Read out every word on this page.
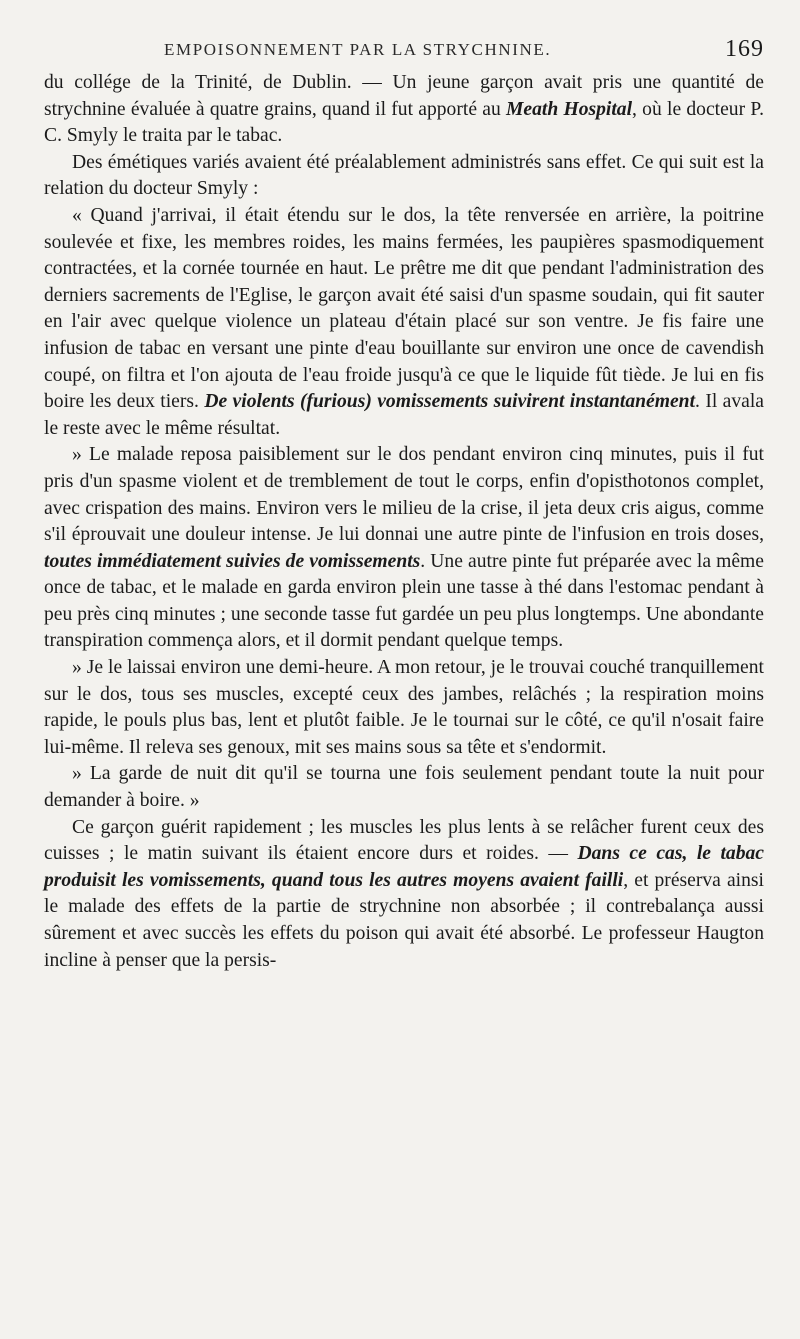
EMPOISONNEMENT PAR LA STRYCHNINE.	169

du collége de la Trinité, de Dublin. — Un jeune garçon avait pris une quantité de strychnine évaluée à quatre grains, quand il fut apporté au Meath Hospital, où le docteur P. C. Smyly le traita par le tabac.

Des émétiques variés avaient été préalablement administrés sans effet. Ce qui suit est la relation du docteur Smyly :

« Quand j'arrivai, il était étendu sur le dos, la tête renversée en arrière, la poitrine soulevée et fixe, les membres roides, les mains fermées, les paupières spasmodiquement contractées, et la cornée tournée en haut. Le prêtre me dit que pendant l'administration des derniers sacrements de l'Eglise, le garçon avait été saisi d'un spasme soudain, qui fit sauter en l'air avec quelque violence un plateau d'étain placé sur son ventre. Je fis faire une infusion de tabac en versant une pinte d'eau bouillante sur environ une once de cavendish coupé, on filtra et l'on ajouta de l'eau froide jusqu'à ce que le liquide fût tiède. Je lui en fis boire les deux tiers. De violents (furious) vomissements suivirent instantanément. Il avala le reste avec le même résultat.

» Le malade reposa paisiblement sur le dos pendant environ cinq minutes, puis il fut pris d'un spasme violent et de tremblement de tout le corps, enfin d'opisthotonos complet, avec crispation des mains. Environ vers le milieu de la crise, il jeta deux cris aigus, comme s'il éprouvait une douleur intense. Je lui donnai une autre pinte de l'infusion en trois doses, toutes immédiatement suivies de vomissements. Une autre pinte fut préparée avec la même once de tabac, et le malade en garda environ plein une tasse à thé dans l'estomac pendant à peu près cinq minutes ; une seconde tasse fut gardée un peu plus longtemps. Une abondante transpiration commença alors, et il dormit pendant quelque temps.

» Je le laissai environ une demi-heure. A mon retour, je le trouvai couché tranquillement sur le dos, tous ses muscles, excepté ceux des jambes, relâchés ; la respiration moins rapide, le pouls plus bas, lent et plutôt faible. Je le tournai sur le côté, ce qu'il n'osait faire lui-même. Il releva ses genoux, mit ses mains sous sa tête et s'endormit.

» La garde de nuit dit qu'il se tourna une fois seulement pendant toute la nuit pour demander à boire. »

Ce garçon guérit rapidement ; les muscles les plus lents à se relâcher furent ceux des cuisses ; le matin suivant ils étaient encore durs et roides. — Dans ce cas, le tabac produisit les vomissements, quand tous les autres moyens avaient failli, et préserva ainsi le malade des effets de la partie de strychnine non absorbée ; il contrebalança aussi sûrement et avec succès les effets du poison qui avait été absorbé. Le professeur Haugton incline à penser que la persis-
